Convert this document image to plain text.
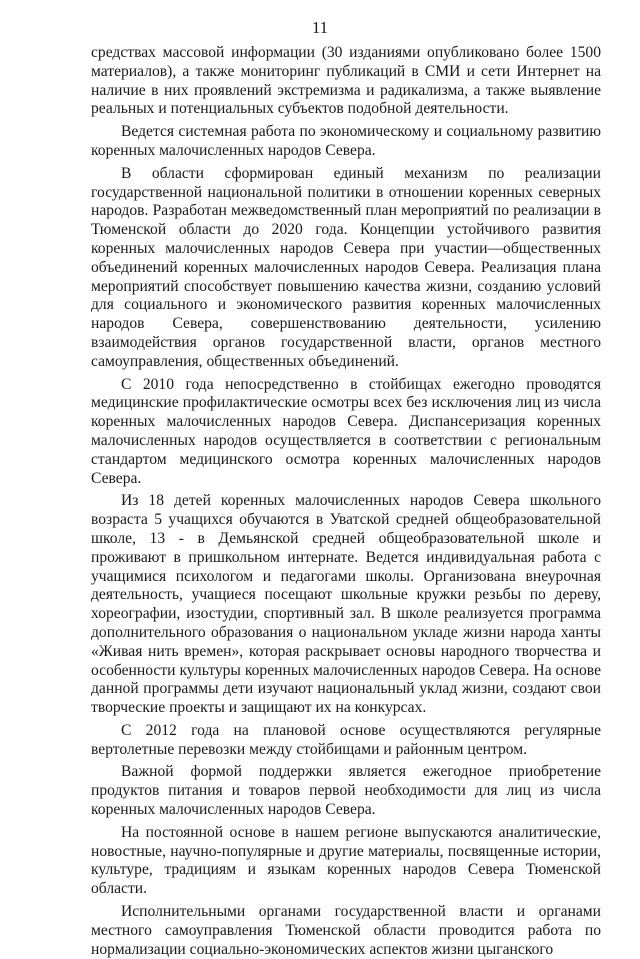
11

средствах массовой информации (30 изданиями опубликовано более 1500 материалов), а также мониторинг публикаций в СМИ и сети Интернет на наличие в них проявлений экстремизма и радикализма, а также выявление реальных и потенциальных субъектов подобной деятельности.

Ведется системная работа по экономическому и социальному развитию коренных малочисленных народов Севера.

В области сформирован единый механизм по реализации государственной национальной политики в отношении коренных северных народов. Разработан межведомственный план мероприятий по реализации в Тюменской области до 2020 года. Концепции устойчивого развития коренных малочисленных народов Севера при участии—общественных объединений коренных малочисленных народов Севера. Реализация плана мероприятий способствует повышению качества жизни, созданию условий для социального и экономического развития коренных малочисленных народов Севера, совершенствованию деятельности, усилению взаимодействия органов государственной власти, органов местного самоуправления, общественных объединений.

С 2010 года непосредственно в стойбищах ежегодно проводятся медицинские профилактические осмотры всех без исключения лиц из числа коренных малочисленных народов Севера. Диспансеризация коренных малочисленных народов осуществляется в соответствии с региональным стандартом медицинского осмотра коренных малочисленных народов Севера.

Из 18 детей коренных малочисленных народов Севера школьного возраста 5 учащихся обучаются в Уватской средней общеобразовательной школе, 13 - в Демьянской средней общеобразовательной школе и проживают в пришкольном интернате. Ведется индивидуальная работа с учащимися психологом и педагогами школы. Организована внеурочная деятельность, учащиеся посещают школьные кружки резьбы по дереву, хореографии, изостудии, спортивный зал. В школе реализуется программа дополнительного образования о национальном укладе жизни народа ханты «Живая нить времен», которая раскрывает основы народного творчества и особенности культуры коренных малочисленных народов Севера. На основе данной программы дети изучают национальный уклад жизни, создают свои творческие проекты и защищают их на конкурсах.

С 2012 года на плановой основе осуществляются регулярные вертолетные перевозки между стойбищами и районным центром.

Важной формой поддержки является ежегодное приобретение продуктов питания и товаров первой необходимости для лиц из числа коренных малочисленных народов Севера.

На постоянной основе в нашем регионе выпускаются аналитические, новостные, научно-популярные и другие материалы, посвященные истории, культуре, традициям и языкам коренных народов Севера Тюменской области.

Исполнительными органами государственной власти и органами местного самоуправления Тюменской области проводится работа по нормализации социально-экономических аспектов жизни цыганского
